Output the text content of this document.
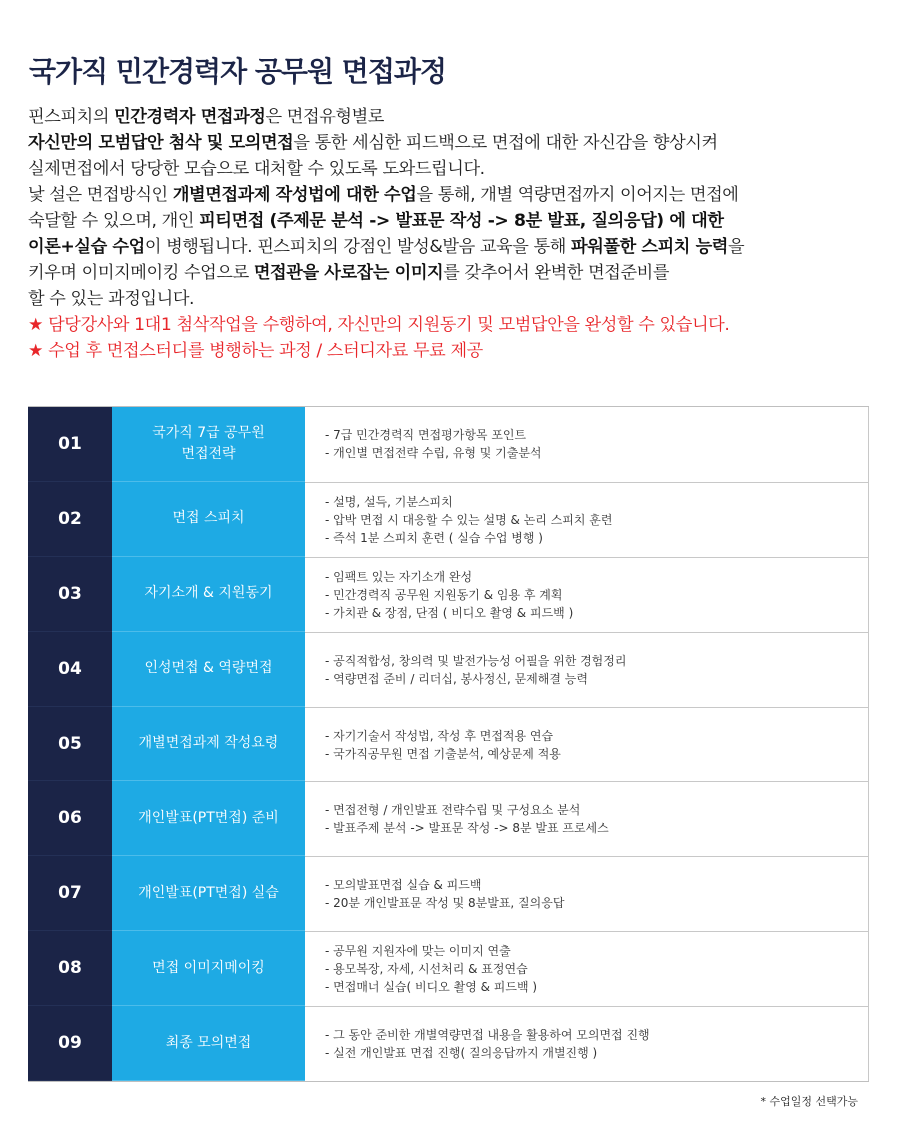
국가직 민간경력자 공무원 면접과정
핀스피치의 민간경력자 면접과정은 면접유형별로
자신만의 모범답안 첨삭 및 모의면접을 통한 세심한 피드백으로 면접에 대한 자신감을 향상시켜
실제면접에서 당당한 모습으로 대처할 수 있도록 도와드립니다.
낯 설은 면접방식인 개별면접과제 작성법에 대한 수업을 통해, 개별 역량면접까지 이어지는 면접에
숙달할 수 있으며, 개인 피티면접 (주제문 분석 -> 발표문 작성 -> 8분 발표, 질의응답) 에 대한
이론+실습 수업이 병행됩니다. 핀스피치의 강점인 발성&발음 교육을 통해 파워풀한 스피치 능력을
키우며 이미지메이킹 수업으로 면접관을 사로잡는 이미지를 갖추어서 완벽한 면접준비를
할 수 있는 과정입니다.
★ 담당강사와 1대1 첨삭작업을 수행하여, 자신만의 지원동기 및 모범답안을 완성할 수 있습니다.
★ 수업 후 면접스터디를 병행하는 과정 / 스터디자료 무료 제공
01
국가직 7급 공무원
면접전략
- 7급 민간경력직 면접평가항목 포인트
- 개인별 면접전략 수립, 유형 및 기출분석
02	면접 스피치
- 설명, 설득, 기분스피치
- 압박 면접 시 대응할 수 있는 설명 & 논리 스피치 훈련
- 즉석 1분 스피치 훈련 ( 실습 수업 병행 )
03	자기소개 & 지원동기
- 임팩트 있는 자기소개 완성
- 민간경력직 공무원 지원동기 & 임용 후 계획
- 가치관 & 장점, 단점 ( 비디오 촬영 & 피드백 )
04	인성면접 & 역량면접	- 공직적합성, 창의력 및 발전가능성 어필을 위한 경험정리
- 역량면접 준비 / 리더십, 봉사정신, 문제해결 능력
05	개별면접과제 작성요령	- 자기기술서 작성법, 작성 후 면접적용 연습
- 국가직공무원 면접 기출분석, 예상문제 적용
06	개인발표(PT면접) 준비	- 면접전형 / 개인발표 전략수립 및 구성요소 분석
- 발표주제 분석 -> 발표문 작성 -> 8분 발표 프로세스
07	개인발표(PT면접) 실습	- 모의발표면접 실습 & 피드백
- 20분 개인발표문 작성 및 8분발표, 질의응답
08	면접 이미지메이킹
- 공무원 지원자에 맞는 이미지 연출
- 용모복장, 자세, 시선처리 & 표정연습
- 면접매너 실습( 비디오 촬영 & 피드백 )
09	최종 모의면접	- 그 동안 준비한 개별역량면접 내용을 활용하여 모의면접 진행
- 실전 개인발표 면접 진행( 질의응답까지 개별진행 )
* 수업일정 선택가능
